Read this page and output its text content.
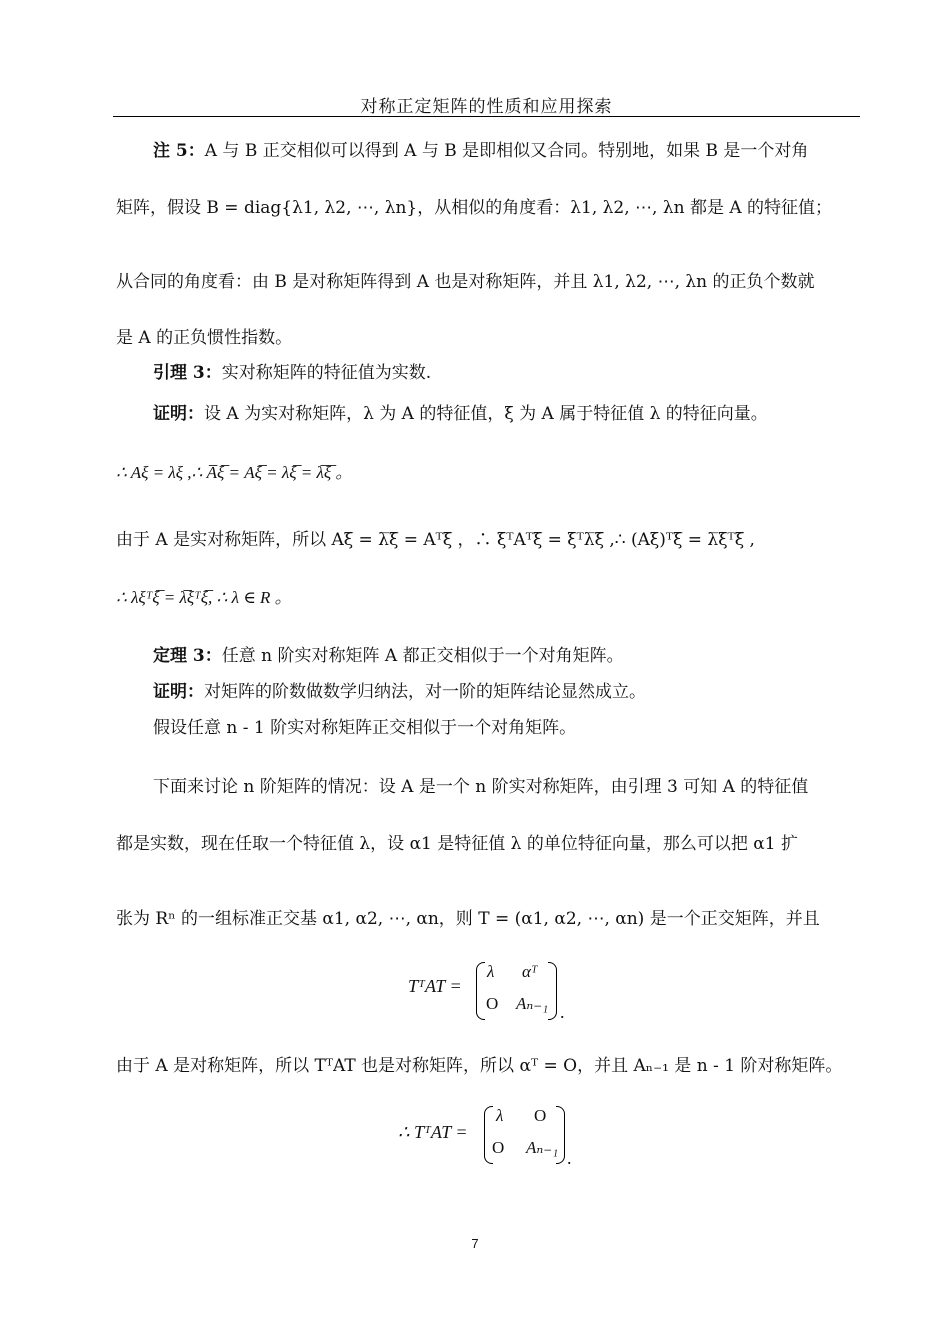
对称正定矩阵的性质和应用探索
注 5：A 与 B 正交相似可以得到 A 与 B 是即相似又合同。特别地，如果 B 是一个对角
矩阵，假设 B = diag{λ1, λ2, ⋯, λn}，从相似的角度看：λ1, λ2, ⋯, λn 都是 A 的特征值；
从合同的角度看：由 B 是对称矩阵得到 A 也是对称矩阵，并且 λ1, λ2, ⋯, λn 的正负个数就
是 A 的正负惯性指数。
引理 3：实对称矩阵的特征值为实数.
证明：设 A 为实对称矩阵，λ 为 A 的特征值，ξ 为 A 属于特征值 λ 的特征向量。
∴ Aξ = λξ ,∴ A̅ξ̅ = Aξ̅ = λξ̅ = λ̅ξ̅ 。
由于 A 是实对称矩阵，所以 Aξ̅ = λ̅ξ̅ = Aᵀξ̅ ，∴ ξᵀAᵀξ̅ = ξᵀλ̅ξ̅ ,∴ (Aξ)ᵀξ̅ = λ̅ξᵀξ̅ ,
∴ λξᵀξ̅ = λ̅ξᵀξ̅, ∴ λ ∈ R 。
定理 3：任意 n 阶实对称矩阵 A 都正交相似于一个对角矩阵。
证明：对矩阵的阶数做数学归纳法，对一阶的矩阵结论显然成立。
假设任意 n - 1 阶实对称矩阵正交相似于一个对角矩阵。
下面来讨论 n 阶矩阵的情况：设 A 是一个 n 阶实对称矩阵，由引理 3 可知 A 的特征值
都是实数，现在任取一个特征值 λ，设 α1 是特征值 λ 的单位特征向量，那么可以把 α1 扩
张为 Rⁿ 的一组标准正交基 α1, α2, ⋯, αn，则 T = (α1, α2, ⋯, αn) 是一个正交矩阵，并且
TᵀAT =
λ αᵀ
O Aₙ₋₁ .
由于 A 是对称矩阵，所以 TᵀAT 也是对称矩阵，所以 αᵀ = O，并且 Aₙ₋₁ 是 n - 1 阶对称矩阵。
∴ TᵀAT =
λ O
O Aₙ₋₁
.
7
